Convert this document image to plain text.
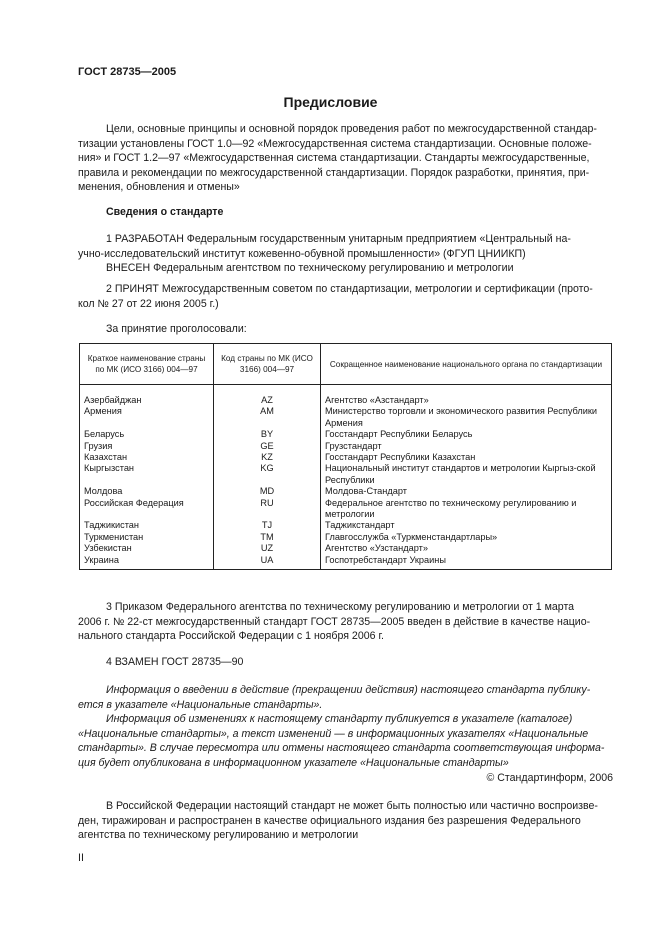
ГОСТ 28735—2005
Предисловие
Цели, основные принципы и основной порядок проведения работ по межгосударственной стандар-
тизации установлены ГОСТ 1.0—92 «Межгосударственная система стандартизации. Основные положе-
ния» и ГОСТ 1.2—97 «Межгосударственная система стандартизации. Стандарты межгосударственные,
правила и рекомендации по межгосударственной стандартизации. Порядок разработки, принятия, при-
менения, обновления и отмены»
Сведения о стандарте
1 РАЗРАБОТАН Федеральным государственным унитарным предприятием «Центральный на-
учно-исследовательский институт кожевенно-обувной промышленности» (ФГУП ЦНИИКП)
ВНЕСЕН Федеральным агентством по техническому регулированию и метрологии
2 ПРИНЯТ Межгосударственным советом по стандартизации, метрологии и сертификации (прото-
кол № 27 от 22 июня 2005 г.)
За принятие проголосовали:
Краткое наименование страны по МК (ИСО 3166) 004—97	Код страны по МК (ИСО 3166) 004—97	Сокращенное наименование национального органа по стандартизации
Азербайджан	AZ	Агентство «Азстандарт»
Армения	AM	Министерство торговли и экономического развития Республики Армения
Беларусь	BY	Госстандарт Республики Беларусь
Грузия	GE	Грузстандарт
Казахстан	KZ	Госстандарт Республики Казахстан
Кыргызстан	KG	Национальный институт стандартов и метрологии Кыргыз-ской Республики
Молдова	MD	Молдова-Стандарт
Российская Федерация	RU	Федеральное агентство по техническому регулированию и метрологии
Таджикистан	TJ	Таджикстандарт
Туркменистан	TM	Главгосслужба «Туркменстандартлары»
Узбекистан	UZ	Агентство «Узстандарт»
Украина	UA	Госпотребстандарт Украины
3 Приказом Федерального агентства по техническому регулированию и метрологии от 1 марта
2006 г. № 22-ст межгосударственный стандарт ГОСТ 28735—2005 введен в действие в качестве нацио-
нального стандарта Российской Федерации с 1 ноября 2006 г.
4 ВЗАМЕН ГОСТ 28735—90
Информация о введении в действие (прекращении действия) настоящего стандарта публику-
ется в указателе «Национальные стандарты».
Информация об изменениях к настоящему стандарту публикуется в указателе (каталоге)
«Национальные стандарты», а текст изменений — в информационных указателях «Национальные
стандарты». В случае пересмотра или отмены настоящего стандарта соответствующая информа-
ция будет опубликована в информационном указателе «Национальные стандарты»
© Стандартинформ, 2006
В Российской Федерации настоящий стандарт не может быть полностью или частично воспроизве-
ден, тиражирован и распространен в качестве официального издания без разрешения Федерального
агентства по техническому регулированию и метрологии
II
